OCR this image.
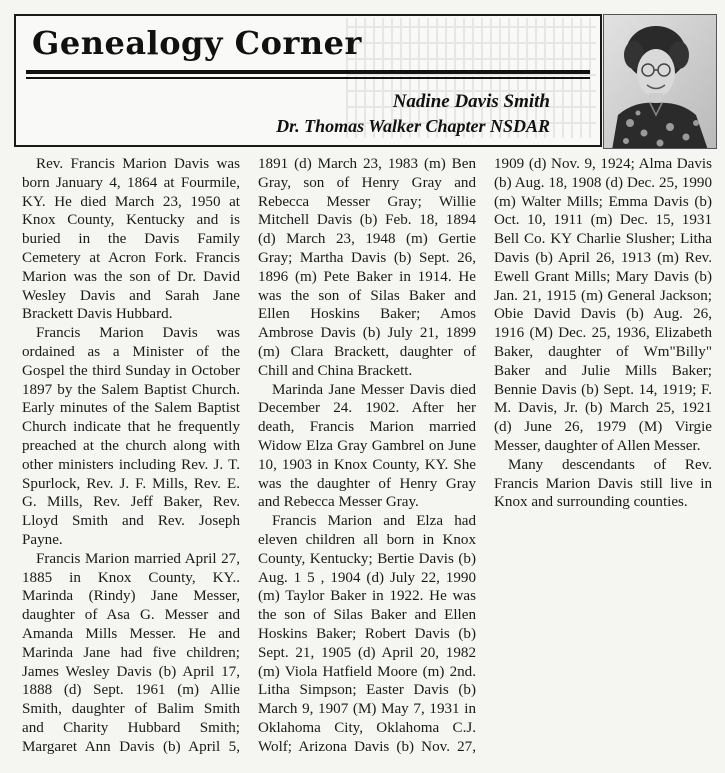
Genealogy Corner
Nadine Davis Smith
Dr. Thomas Walker Chapter NSDAR

Rev. Francis Marion Davis was born January 4, 1864 at Fourmile, KY. He died March 23, 1950 at Knox County, Kentucky and is buried in the Davis Family Cemetery at Acron Fork. Francis Marion was the son of Dr. David Wesley Davis and Sarah Jane Brackett Davis Hubbard.

Francis Marion Davis was ordained as a Minister of the Gospel the third Sunday in October 1897 by the Salem Baptist Church. Early minutes of the Salem Baptist Church indicate that he frequently preached at the church along with other ministers including Rev. J. T. Spurlock, Rev. J. F. Mills, Rev. E. G. Mills, Rev. Jeff Baker, Rev. Lloyd Smith and Rev. Joseph Payne.

Francis Marion married April 27, 1885 in Knox County, KY.. Marinda (Rindy) Jane Messer, daughter of Asa G. Messer and Amanda Mills Messer. He and Marinda Jane had five children; James Wesley Davis (b) April 17, 1888 (d) Sept. 1961 (m) Allie Smith, daughter of Balim Smith and Charity Hubbard Smith; Margaret Ann Davis (b) April 5, 1891 (d) March 23, 1983 (m) Ben Gray, son of Henry Gray and Rebecca Messer Gray; Willie Mitchell Davis (b) Feb. 18, 1894 (d) March 23, 1948 (m) Gertie Gray; Martha Davis (b) Sept. 26, 1896 (m) Pete Baker in 1914. He was the son of Silas Baker and Ellen Hoskins Baker; Amos Ambrose Davis (b) July 21, 1899 (m) Clara Brackett, daughter of Chill and China Brackett.

Marinda Jane Messer Davis died December 24. 1902. After her death, Francis Marion married Widow Elza Gray Gambrel on June 10, 1903 in Knox County, KY. She was the daughter of Henry Gray and Rebecca Messer Gray.

Francis Marion and Elza had eleven children all born in Knox County, Kentucky; Bertie Davis (b) Aug. 1 5 , 1904 (d) July 22, 1990 (m) Taylor Baker in 1922. He was the son of Silas Baker and Ellen Hoskins Baker; Robert Davis (b) Sept. 21, 1905 (d) April 20, 1982 (m) Viola Hatfield Moore (m) 2nd. Litha Simpson; Easter Davis (b) March 9, 1907 (M) May 7, 1931 in Oklahoma City, Oklahoma C.J. Wolf; Arizona Davis (b) Nov. 27, 1909 (d) Nov. 9, 1924; Alma Davis (b) Aug. 18, 1908 (d) Dec. 25, 1990 (m) Walter Mills; Emma Davis (b) Oct. 10, 1911 (m) Dec. 15, 1931 Bell Co. KY Charlie Slusher; Litha Davis (b) April 26, 1913 (m) Rev. Ewell Grant Mills; Mary Davis (b) Jan. 21, 1915 (m) General Jackson; Obie David Davis (b) Aug. 26, 1916 (M) Dec. 25, 1936, Elizabeth Baker, daughter of Wm"Billy" Baker and Julie Mills Baker; Bennie Davis (b) Sept. 14, 1919; F. M. Davis, Jr. (b) March 25, 1921 (d) June 26, 1979 (M) Virgie Messer, daughter of Allen Messer.

Many descendants of Rev. Francis Marion Davis still live in Knox and surrounding counties.
